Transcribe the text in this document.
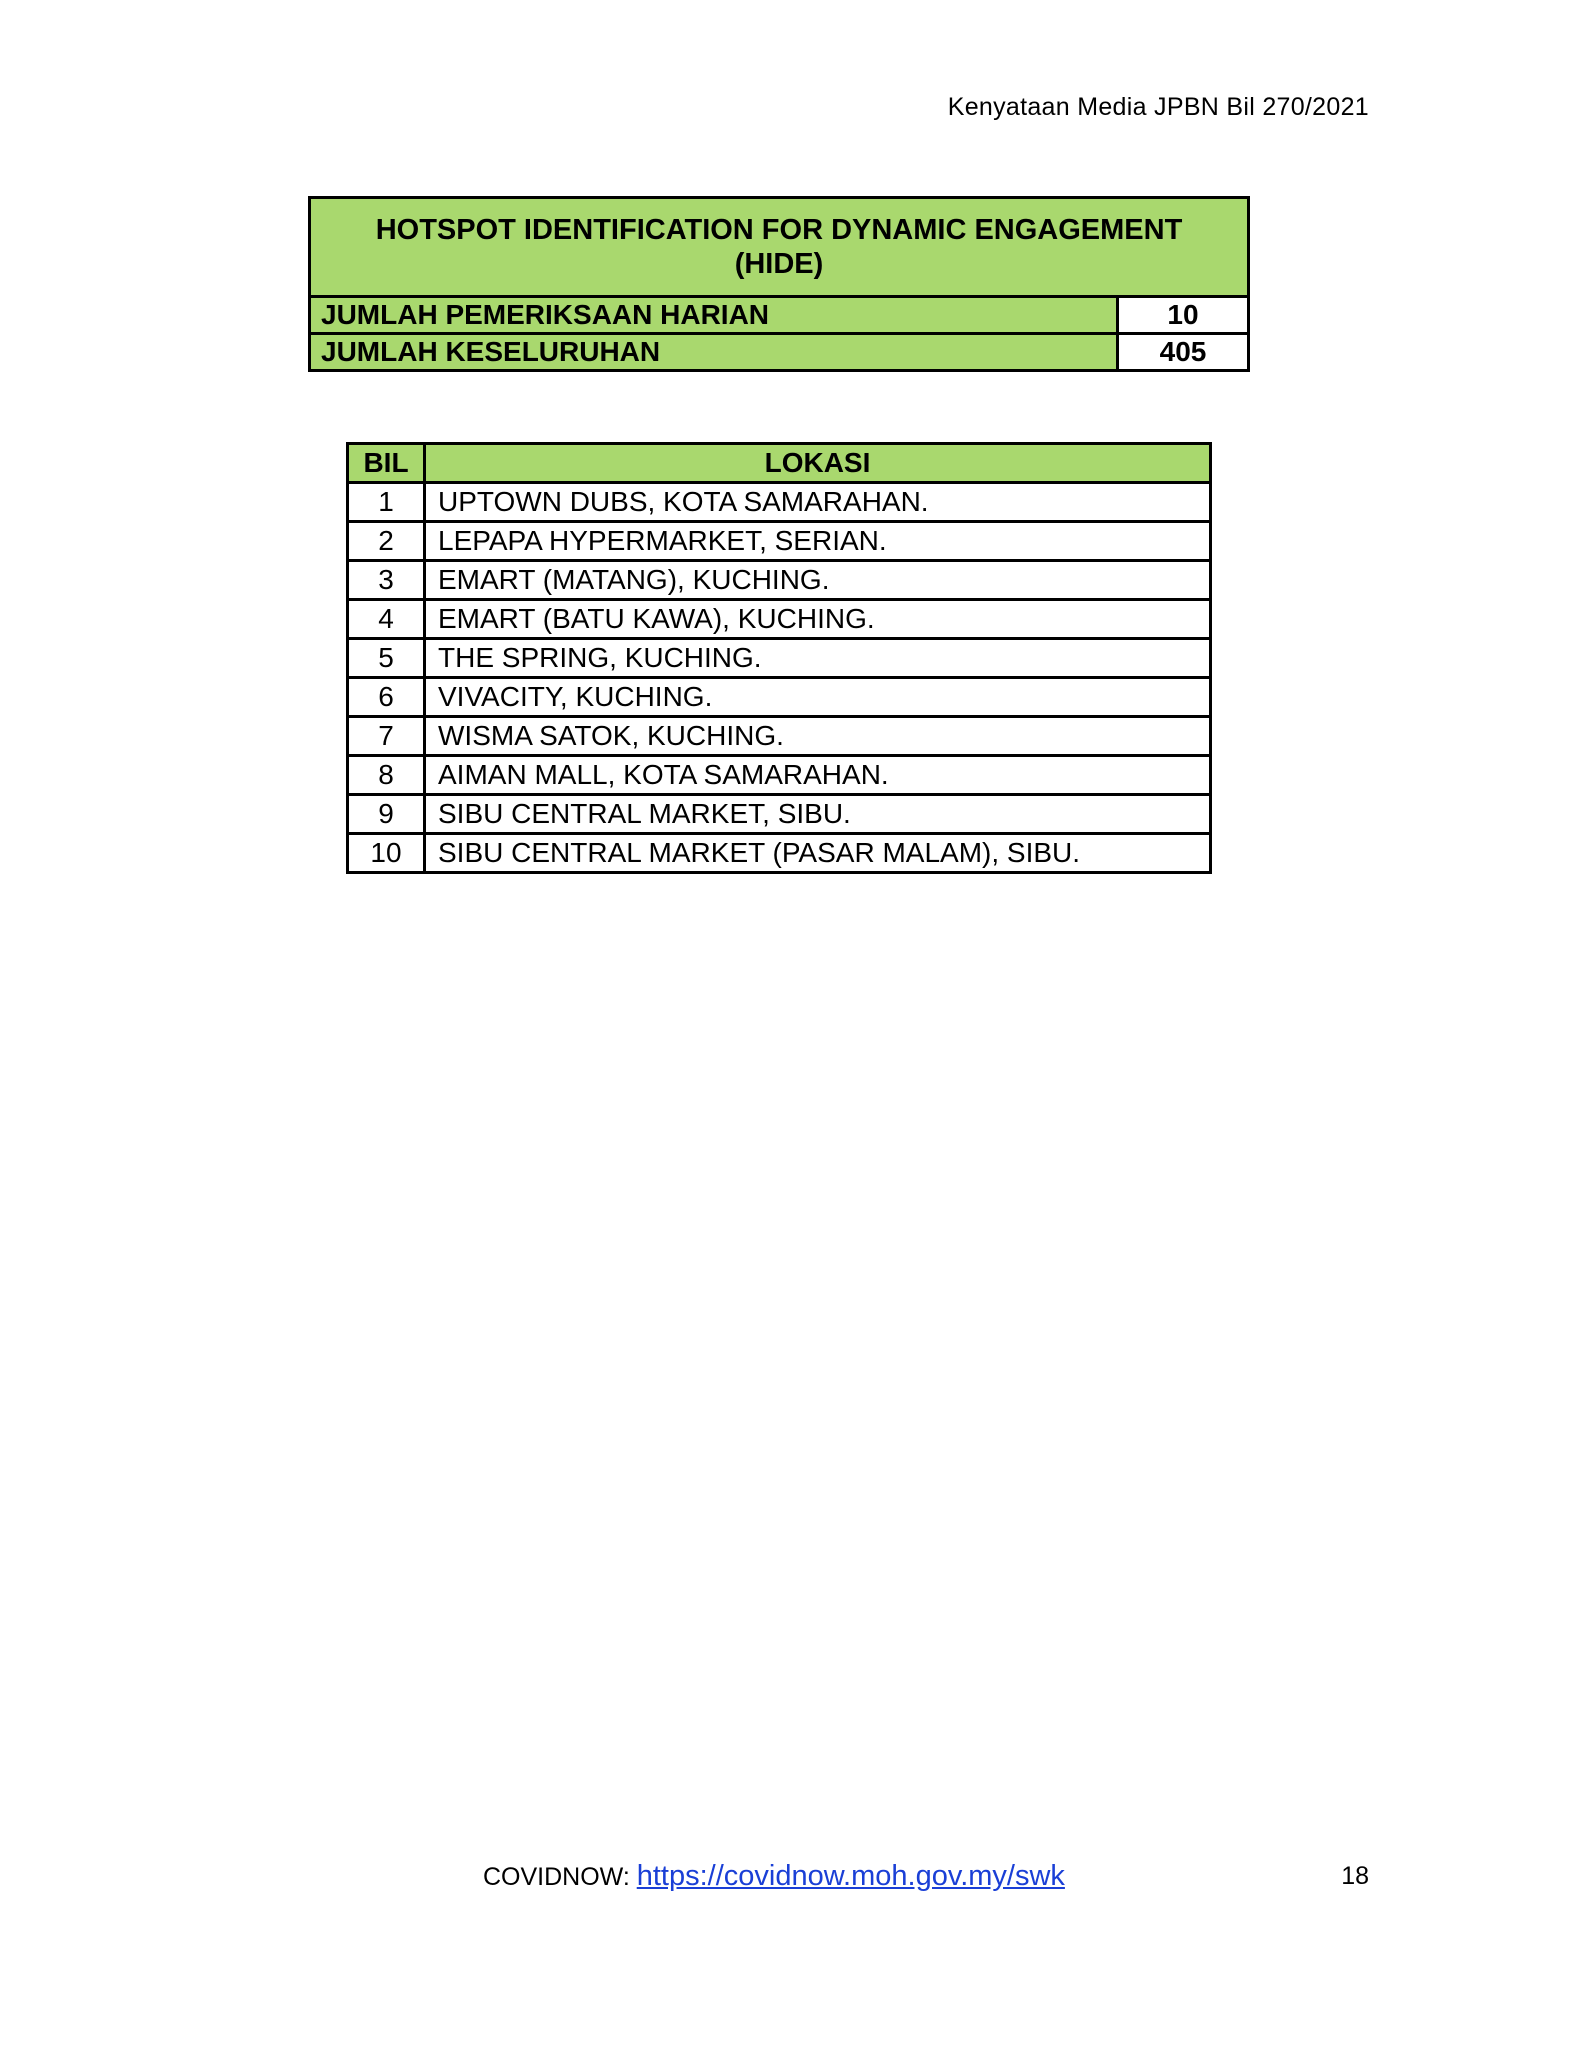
Kenyataan Media JPBN Bil 270/2021
HOTSPOT IDENTIFICATION FOR DYNAMIC ENGAGEMENT
(HIDE)	
JUMLAH PEMERIKSAAN HARIAN	10
JUMLAH KESELURUHAN	405
BIL	LOKASI
1	UPTOWN DUBS, KOTA SAMARAHAN.
2	LEPAPA HYPERMARKET, SERIAN.
3	EMART (MATANG), KUCHING.
4	EMART (BATU KAWA), KUCHING.
5	THE SPRING, KUCHING.
6	VIVACITY, KUCHING.
7	WISMA SATOK, KUCHING.
8	AIMAN MALL, KOTA SAMARAHAN.
9	SIBU CENTRAL MARKET, SIBU.
10	SIBU CENTRAL MARKET (PASAR MALAM), SIBU.
COVIDNOW: https://covidnow.moh.gov.my/swk	18
